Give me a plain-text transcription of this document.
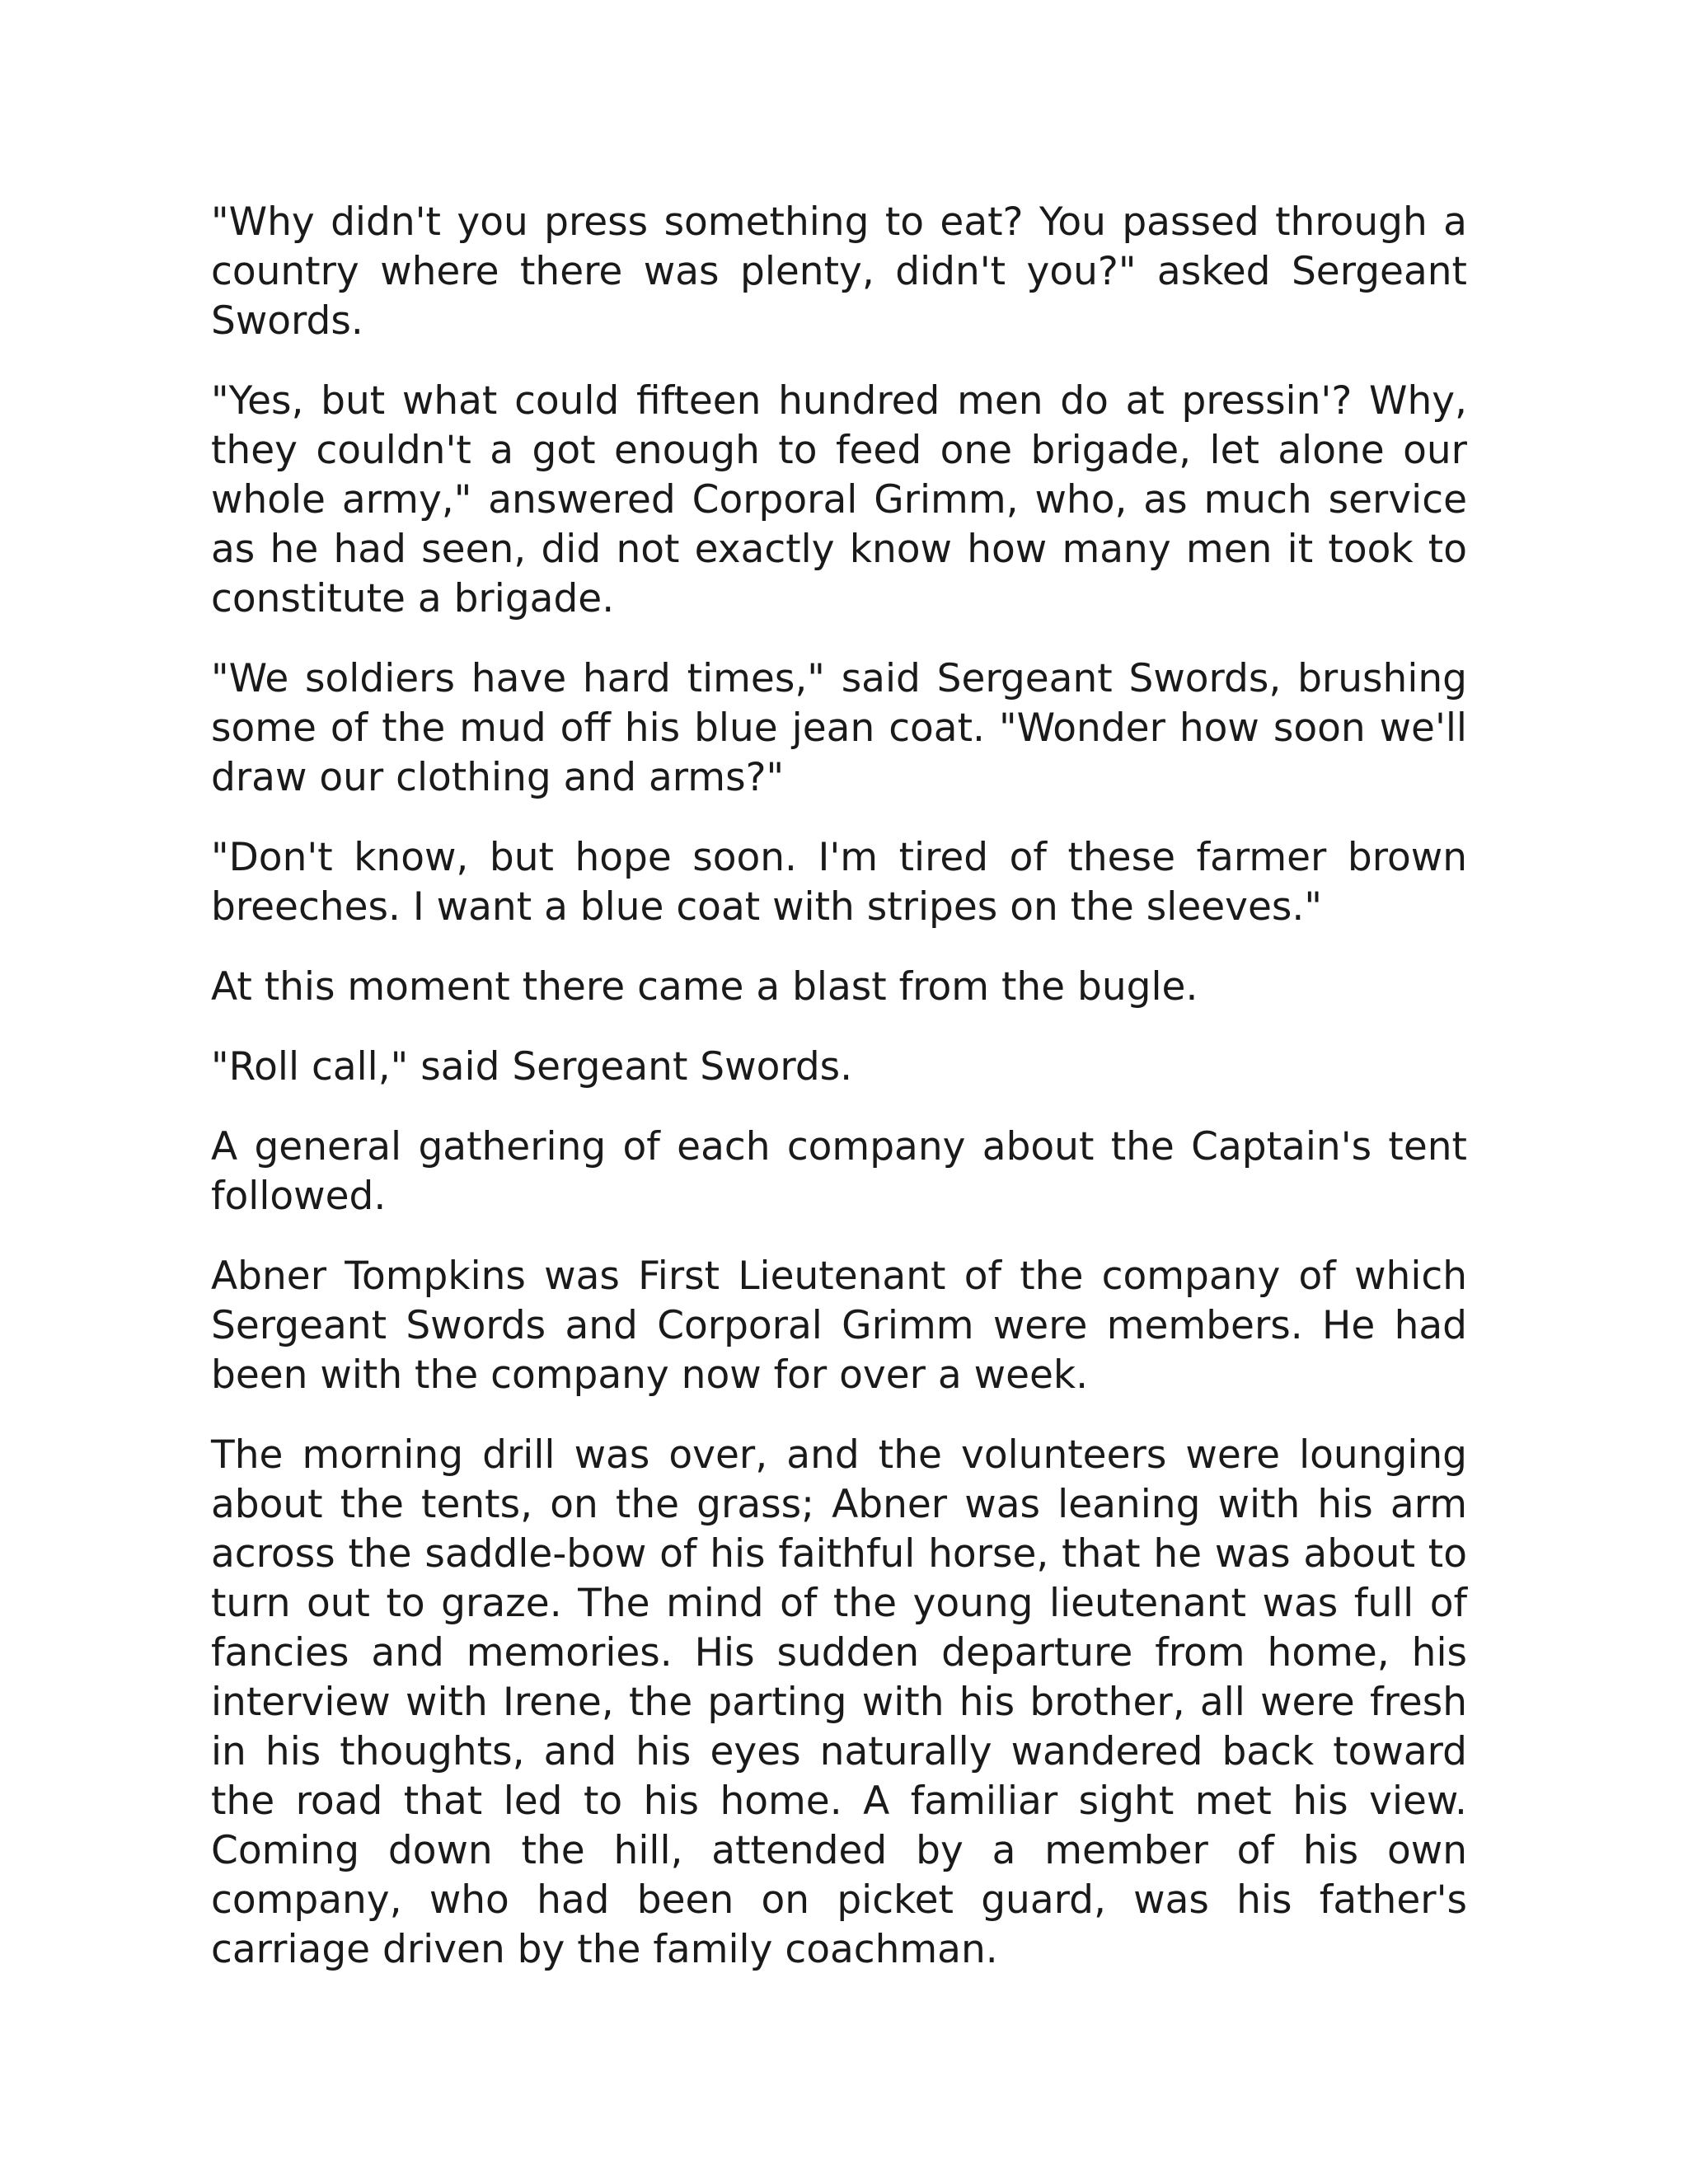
"Why didn't you press something to eat? You passed through a country where there was plenty, didn't you?" asked Sergeant Swords.

"Yes, but what could fifteen hundred men do at pressin'? Why, they couldn't a got enough to feed one brigade, let alone our whole army," answered Corporal Grimm, who, as much service as he had seen, did not exactly know how many men it took to constitute a brigade.

"We soldiers have hard times," said Sergeant Swords, brushing some of the mud off his blue jean coat. "Wonder how soon we'll draw our clothing and arms?"

"Don't know, but hope soon. I'm tired of these farmer brown breeches. I want a blue coat with stripes on the sleeves."

At this moment there came a blast from the bugle.

"Roll call," said Sergeant Swords.

A general gathering of each company about the Captain's tent followed.

Abner Tompkins was First Lieutenant of the company of which Sergeant Swords and Corporal Grimm were members. He had been with the company now for over a week.

The morning drill was over, and the volunteers were lounging about the tents, on the grass; Abner was leaning with his arm across the saddle-bow of his faithful horse, that he was about to turn out to graze. The mind of the young lieutenant was full of fancies and memories. His sudden departure from home, his interview with Irene, the parting with his brother, all were fresh in his thoughts, and his eyes naturally wandered back toward the road that led to his home. A familiar sight met his view. Coming down the hill, attended by a member of his own company, who had been on picket guard, was his father's carriage driven by the family coachman.
